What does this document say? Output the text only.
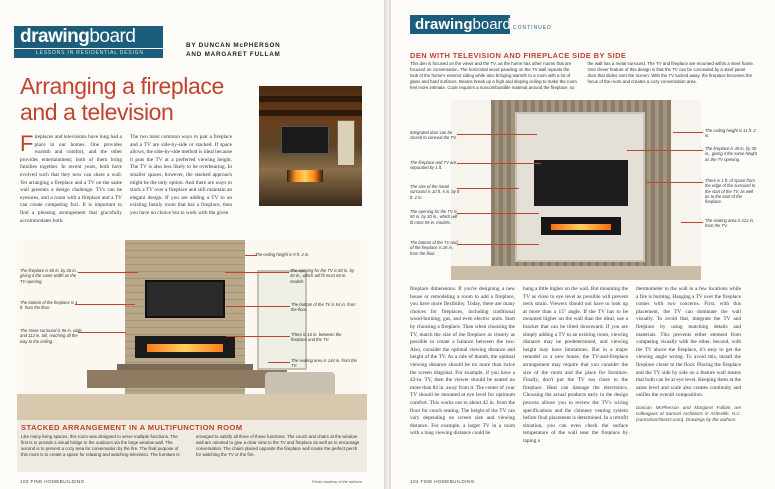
drawingboard
LESSONS IN RESIDENTIAL DESIGN
BY DUNCAN McPHERSON
AND MARGARET FULLAM
Arranging a fireplace and a television
Fireplaces and televisions have long had a place in our homes. One provides warmth and comfort, and the other provides entertainment; both of them bring families together. In recent years, both have evolved such that they now can share a wall. Yet arranging a fireplace and a TV on the same wall presents a design challenge. TVs can be eyesores, and a room with a fireplace and a TV can create competing foci. It is important to find a pleasing arrangement that gracefully accommodates both.
The two most common ways to pair a fireplace and a TV are side-by-side or stacked. If space allows, the side-by-side method is ideal because it puts the TV at a preferred viewing height. The TV is also less likely to be overbearing. In smaller spaces, however, the stacked approach might be the only option. And there are ways to stack a TV over a fireplace and still maintain an elegant design. If you are adding a TV to an existing family room that has a fireplace, then you have no choice but to work with the given
The ceiling height is 9 ft. 4 in.
The opening for the TV is 60 in. by 40 in., which will fit most 65-in. models.
The fireplace is 60 in. by 26 in., giving it the same width as the TV opening.
The bottom of the fireplace is 1 ft. from the floor.
The bottom of the TV is 54 in. from the floor.
The stone surround is 96 in. wide and 112 in. tall, reaching all the way to the ceiling.
There is 16 in. between the fireplace and the TV.
The seating area is 144 in. from the TV.
STACKED ARRANGEMENT IN A MULTIFUNCTION ROOM
Like many living spaces, this room was designed to serve multiple functions. The first is to provide a visual bridge to the outdoors via the large window wall. The second is to present a cozy area for conversation by the fire. The final purpose of this room is to create a space for relaxing and watching television. The furniture is arranged to satisfy all three of these functions. The couch and chairs at the window wall are oriented to give a clear view to the TV and fireplace as well as to encourage conversation. The chairs placed opposite the fireplace wall create the perfect perch for watching the TV or the fire.
102 FINE HOMEBUILDING	Photo courtesy of the authors
drawingboard CONTINUED
DEN WITH TELEVISION AND FIREPLACE SIDE BY SIDE
This den is focused on the views and the TV, as the home has other rooms that are focused on conversation. The horizontal wood paneling on the TV wall repeats the look of the home's exterior siding while also bringing warmth to a room with a lot of glass and hard surfaces. Beams break up a high and sloping ceiling to make the room feel more intimate. Code requires a noncombustible material around the fireplace, so the wall has a metal surround. The TV and fireplace are mounted within a steel frame. One clever feature of this design is that the TV can be concealed by a steel panel door that slides over the screen. With the TV tucked away, the fireplace becomes the focus of the room and creates a cozy conversation area.
Integrated door can be closed to conceal the TV.
The fireplace and TV are separated by 1 ft.
The size of the metal surround is 10 ft. 5 in. by 8 ft. 2 in.
The opening for the TV is 50 in. by 30 in., which will fit most 55-in. models.
The bottom of the TV and of the fireplace is 26 in. from the floor.
The ceiling height is 11 ft. 2 in.
The fireplace is 40 in. by 30 in., giving it the same height as the TV opening.
There is 1 ft. of space from the edge of the surround to the start of the TV, as well as to the start of the fireplace.
The seating area is 112 in. from the TV.
fireplace dimensions. If you're designing a new house or remodeling a room to add a fireplace, you have more flexibility. Today, there are many choices for fireplaces, including traditional wood-burning, gas, and even electric units. Start by choosing a fireplace. Then when choosing the TV, match the size of the fireplace as closely as possible to create a balance between the two. Also, consider the optimal viewing distance and height of the TV. As a rule of thumb, the optimal viewing distance should be no more than twice the screen diagonal. For example, if you have a 42-in. TV, then the viewer should be seated no more than 84 in. away from it. The center of your TV should be mounted at eye level for optimum comfort. This works out to about 42 in. from the floor for couch seating. The height of the TV can vary depending on screen size and viewing distance. For example, a larger TV in a room with a long viewing distance could be
hung a little higher on the wall. But mounting the TV as close to eye level as possible will prevent neck strain. Viewers should not have to look up at more than a 15° angle. If the TV has to be mounted higher on the wall than the ideal, use a bracket that can be tilted downward. If you are simply adding a TV to an existing room, viewing distance may be predetermined, and viewing height may have limitations. But in a major remodel or a new house, the TV-and-fireplace arrangement may require that you consider the size of the room and the place for furniture. Finally, don't put the TV too close to the fireplace. Heat can damage the electronics. Choosing the actual products early in the design process allows you to review the TV's wiring specifications and the chimney venting system before final placement is determined. In a retrofit situation, you can even check the surface temperature of the wall near the fireplace by taping a
thermometer to the wall in a few locations while a fire is burning. Hanging a TV over the fireplace comes with two concerns. First, with this placement, the TV can dominate the wall visually. To avoid that, integrate the TV and fireplace by using matching details and materials. This prevents either element from competing visually with the other. Second, with the TV above the fireplace, it's easy to get the viewing angle wrong. To avoid this, install the fireplace closer to the floor. Placing the fireplace and the TV side by side on a feature wall means that both can be at eye level. Keeping them at the same level and scale also creates continuity and unifies the overall composition.
Duncan McPherson and Margaret Fullam are colleagues at Samsel Architects in Asheville, N.C. (samselarchitects.com). Drawings by the authors.
104 FINE HOMEBUILDING
